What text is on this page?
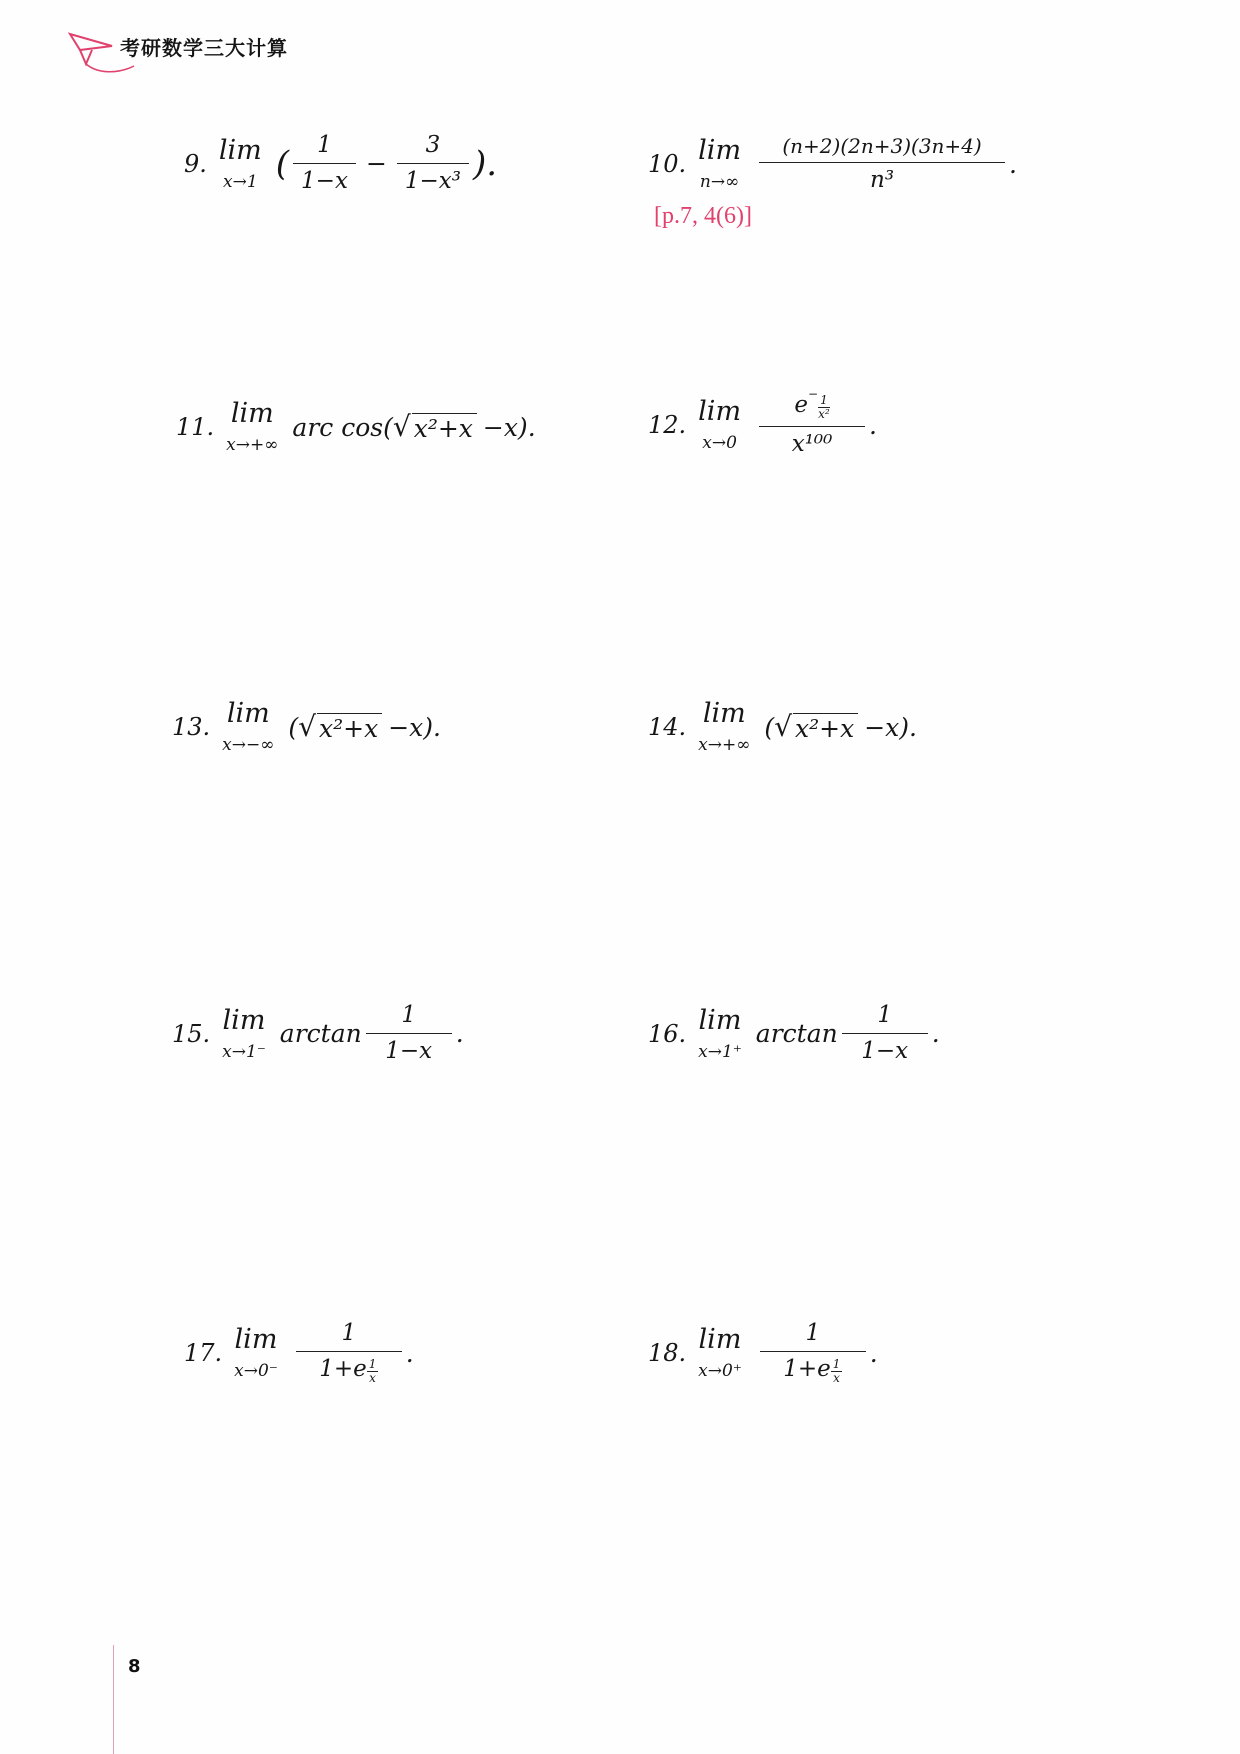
考研数学三大计算
9. lim
x→1 ( $\frac{1}{1-x} - \frac{3}{\text{1−x³}}$ ).	10. lim
$n\to\infty \frac{(n+2)(2n+3)(3n+4)}{\text{n³}}$ .
[p.7, 4(6)]
11. lim
x→+∞
arc cos( √ x²+x −x).	12. lim
$x\to 0 \frac{e^- \frac{1}{\text{x²}}}{\text{x¹⁰⁰}}$ .
13. lim
x→−∞
( √ x²+x −x).	14. lim
x→+∞
( √ x²+x −x).
15. lim
x→1⁻
$\arctan \frac{1}{1-x}$ .	16. lim
x→1⁺
$\arctan \frac{1}{1-x}$ .
17. lim
$x\to 0^- \frac{1}{1+e \frac{1}{x}}$ .	18. lim
$x\to 0^+ \frac{1}{1+e \frac{1}{x}}$ .
8
